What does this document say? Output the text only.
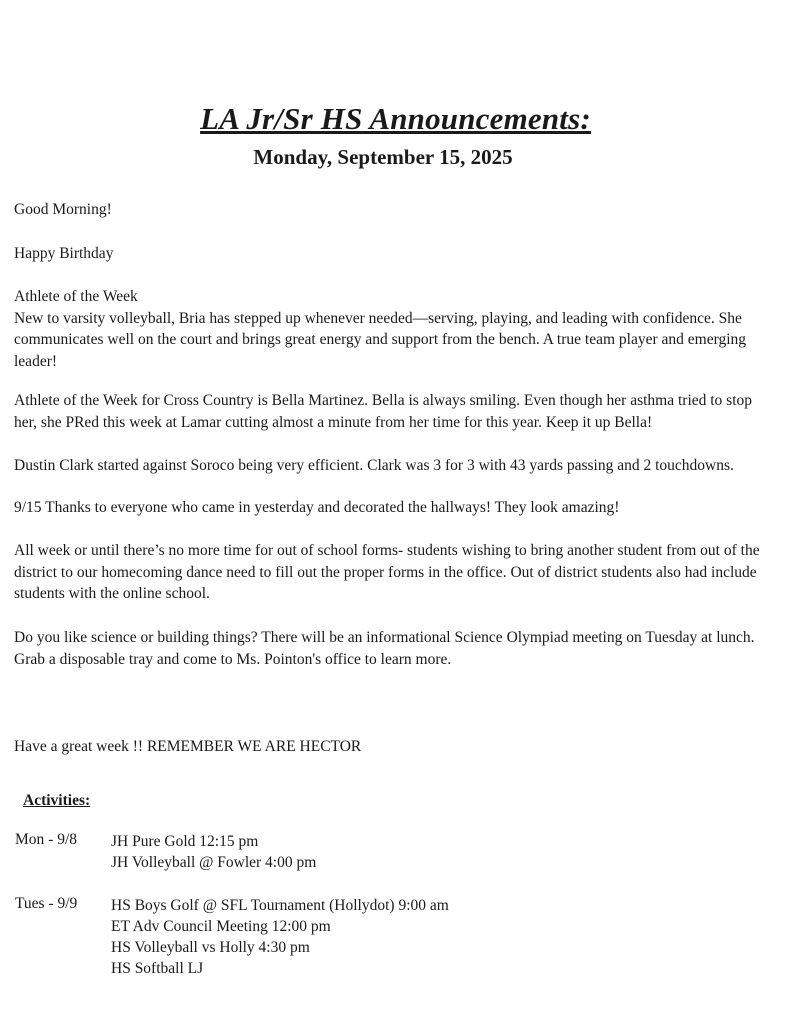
LA Jr/Sr HS Announcements:
Monday, September 15, 2025
Good Morning!
Happy Birthday
Athlete of the Week
New to varsity volleyball, Bria has stepped up whenever needed—serving, playing, and leading with confidence. She
communicates well on the court and brings great energy and support from the bench. A true team player and emerging
leader!
Athlete of the Week for Cross Country is Bella Martinez. Bella is always smiling. Even though her asthma tried to stop
her, she PRed this week at Lamar cutting almost a minute from her time for this year. Keep it up Bella!
Dustin Clark started against Soroco being very efficient. Clark was 3 for 3 with 43 yards passing and 2 touchdowns.
9/15 Thanks to everyone who came in yesterday and decorated the hallways! They look amazing!
All week or until there’s no more time for out of school forms- students wishing to bring another student from out of the
district to our homecoming dance need to fill out the proper forms in the office. Out of district students also had include
students with the online school.
Do you like science or building things? There will be an informational Science Olympiad meeting on Tuesday at lunch.
Grab a disposable tray and come to Ms. Pointon's office to learn more.
Have a great week !! REMEMBER WE ARE HECTOR
Activities:
Mon - 9/8 JH Pure Gold 12:15 pm
JH Volleyball @ Fowler 4:00 pm
Tues - 9/9 HS Boys Golf @ SFL Tournament (Hollydot) 9:00 am
ET Adv Council Meeting 12:00 pm
HS Volleyball vs Holly 4:30 pm
HS Softball LJ
